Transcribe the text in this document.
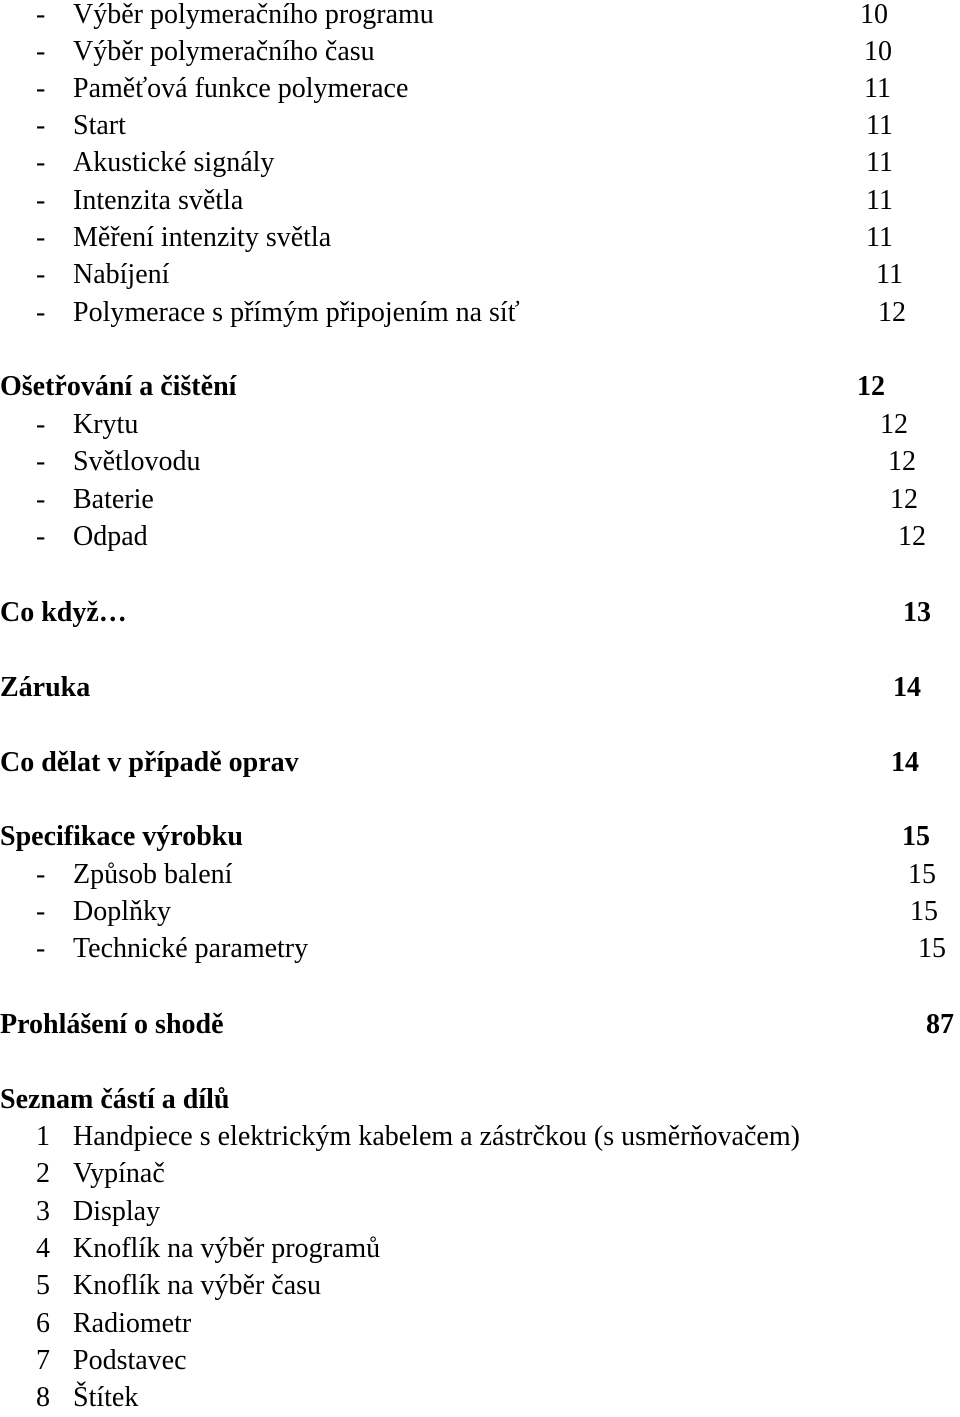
- Výběr polymeračního programu	10
- Výběr polymeračního času	10
- Paměťová funkce polymerace	11
- Start	11
- Akustické signály	11
- Intenzita světla	11
- Měření intenzity světla	11
- Nabíjení	11
- Polymerace s přímým připojením na síť	12
Ošetřování a čištění	12
- Krytu	12
- Světlovodu	12
- Baterie	12
- Odpad	12
Co když…	13
Záruka	14
Co dělat v případě oprav	14
Specifikace výrobku	15
- Způsob balení	15
- Doplňky	15
- Technické parametry	15
Prohlášení o shodě	87
Seznam částí a dílů
1 Handpiece s elektrickým kabelem a zástrčkou (s usměrňovačem)
2 Vypínač
3 Display
4 Knoflík na výběr programů
5 Knoflík na výběr času
6 Radiometr
7 Podstavec
8 Štítek
